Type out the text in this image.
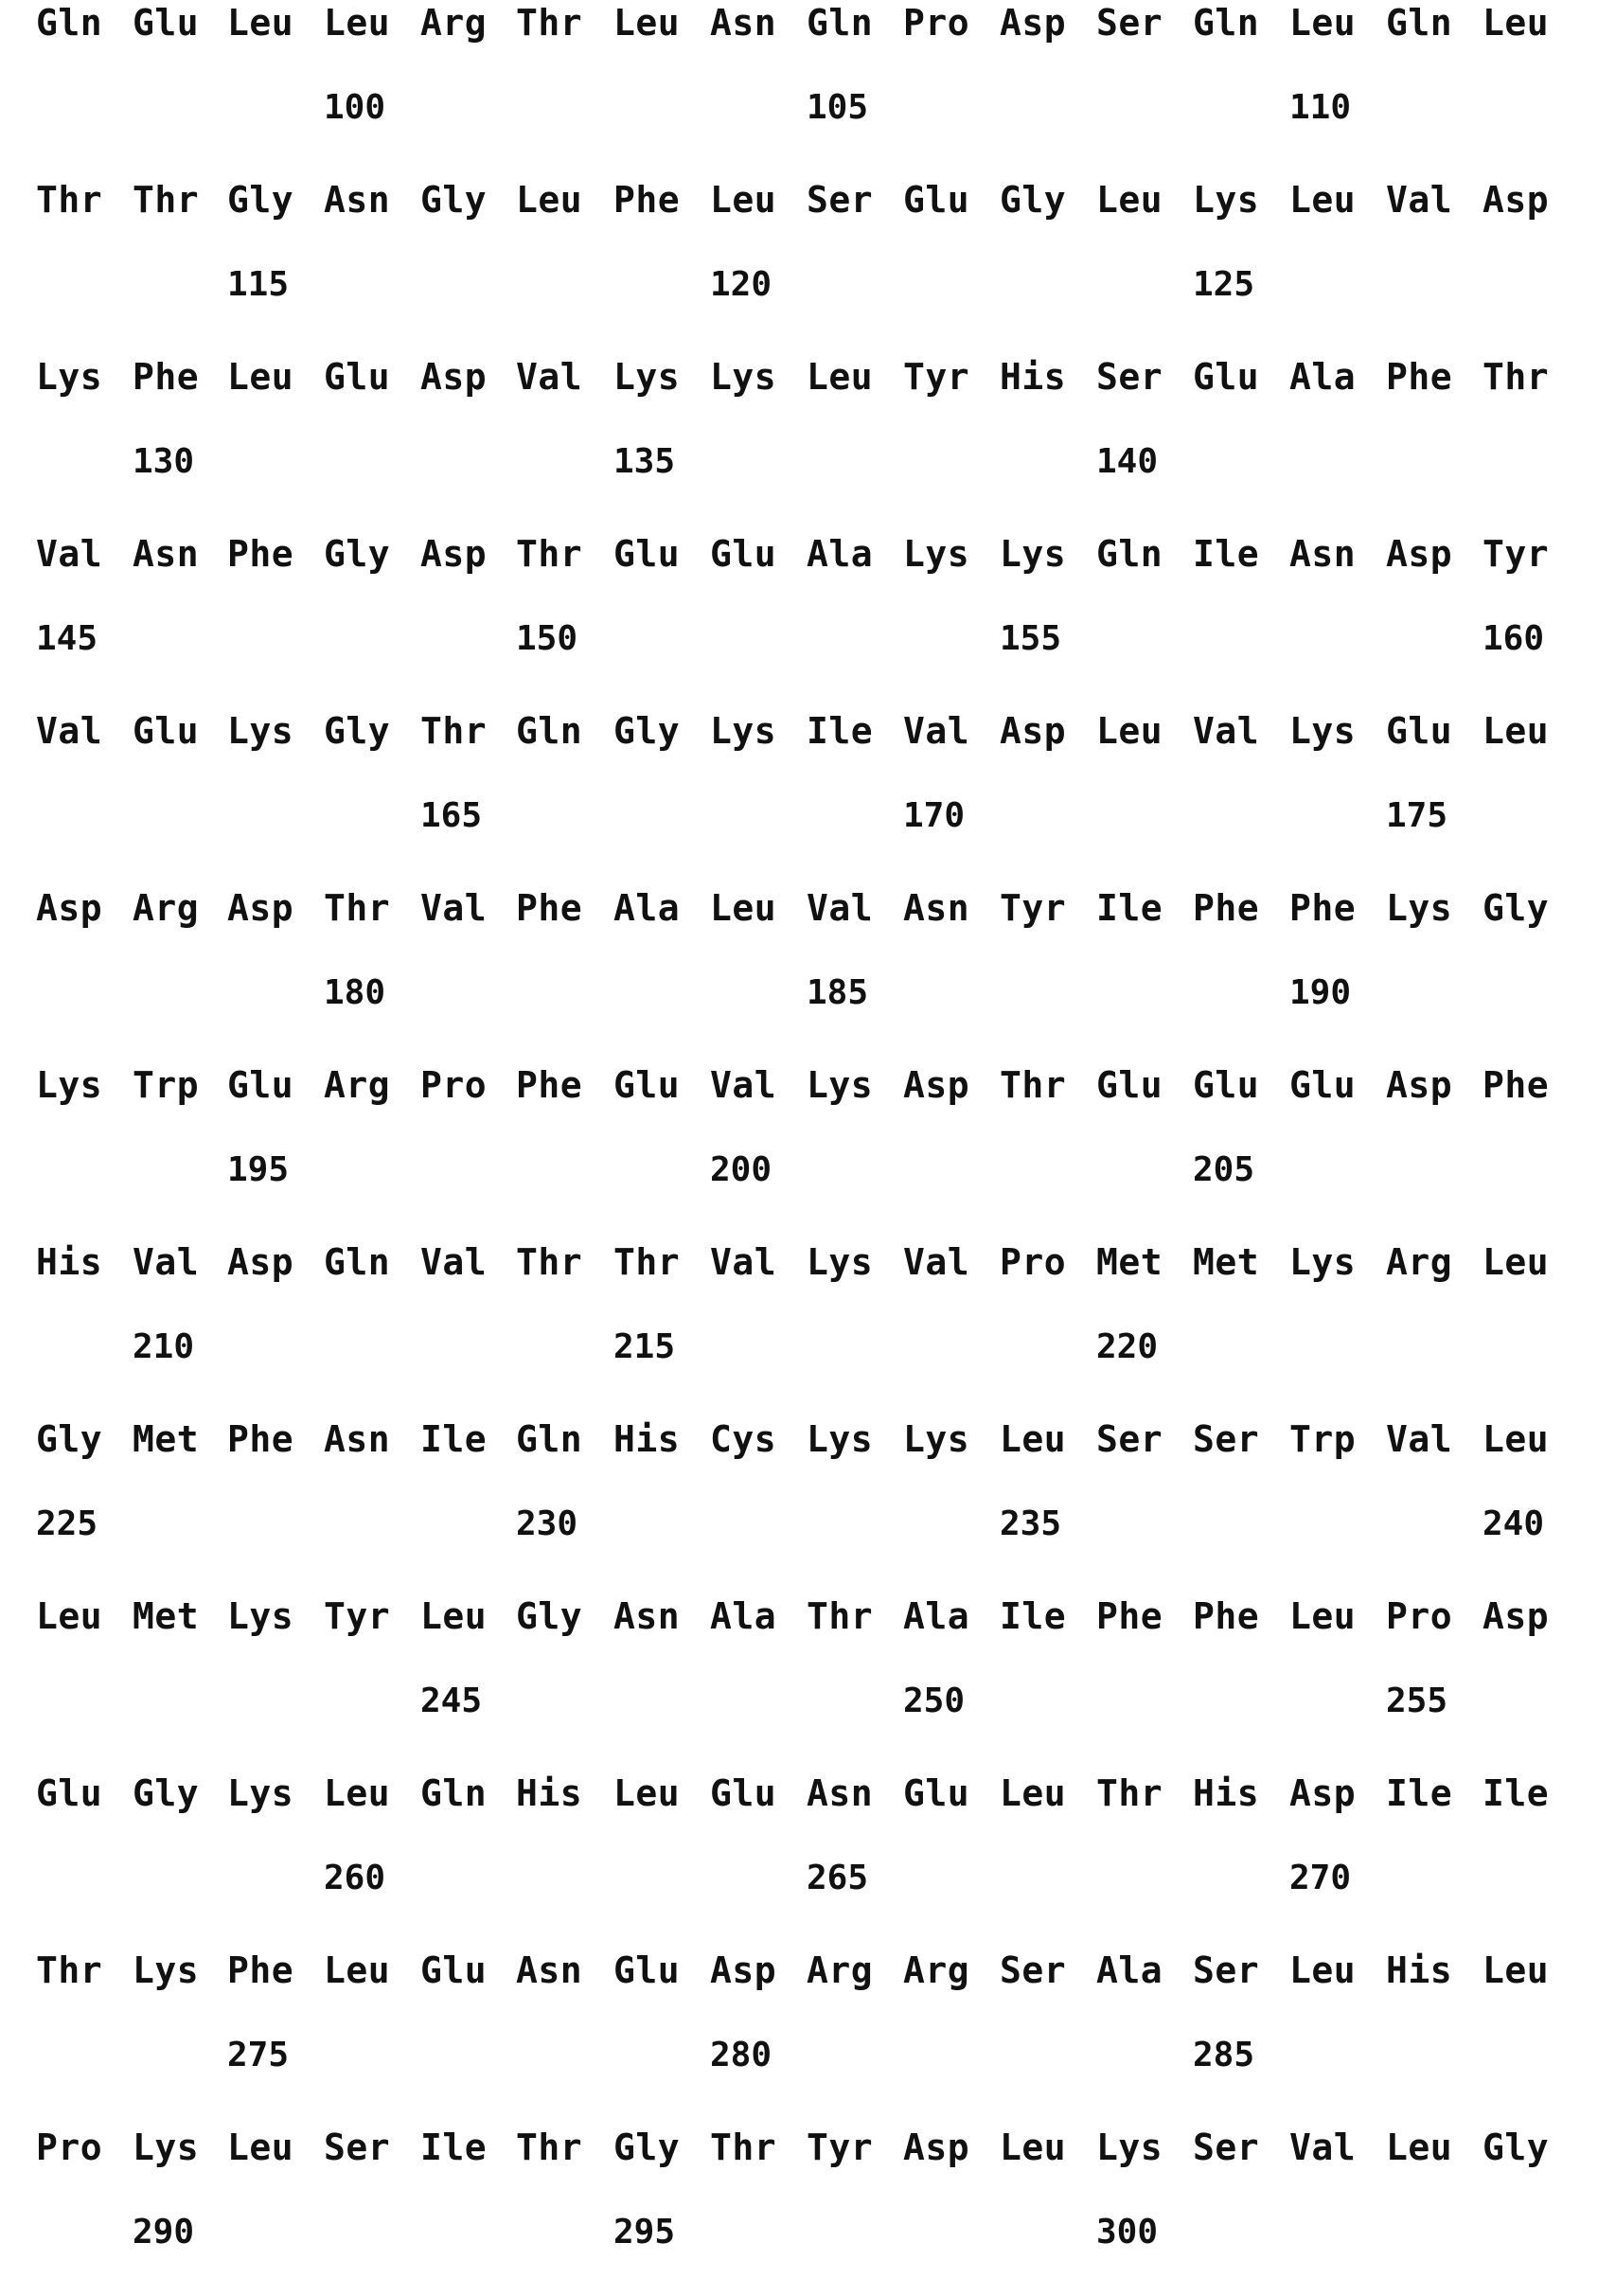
Gln Glu Leu Leu Arg Thr Leu Asn Gln Pro Asp Ser Gln Leu Gln Leu
100	105	110
Thr Thr Gly Asn Gly Leu Phe Leu Ser Glu Gly Leu Lys Leu Val Asp
115	120	125
Lys Phe Leu Glu Asp Val Lys Lys Leu Tyr His Ser Glu Ala Phe Thr
130	135	140
Val Asn Phe Gly Asp Thr Glu Glu Ala Lys Lys Gln Ile Asn Asp Tyr
145	150	155	160
Val Glu Lys Gly Thr Gln Gly Lys Ile Val Asp Leu Val Lys Glu Leu
165	170	175
Asp Arg Asp Thr Val Phe Ala Leu Val Asn Tyr Ile Phe Phe Lys Gly
180	185	190
Lys Trp Glu Arg Pro Phe Glu Val Lys Asp Thr Glu Glu Glu Asp Phe
195	200	205
His Val Asp Gln Val Thr Thr Val Lys Val Pro Met Met Lys Arg Leu
210	215	220
Gly Met Phe Asn Ile Gln His Cys Lys Lys Leu Ser Ser Trp Val Leu
225	230	235	240
Leu Met Lys Tyr Leu Gly Asn Ala Thr Ala Ile Phe Phe Leu Pro Asp
245	250	255
Glu Gly Lys Leu Gln His Leu Glu Asn Glu Leu Thr His Asp Ile Ile
260	265	270
Thr Lys Phe Leu Glu Asn Glu Asp Arg Arg Ser Ala Ser Leu His Leu
275	280	285
Pro Lys Leu Ser Ile Thr Gly Thr Tyr Asp Leu Lys Ser Val Leu Gly
290	295	300
